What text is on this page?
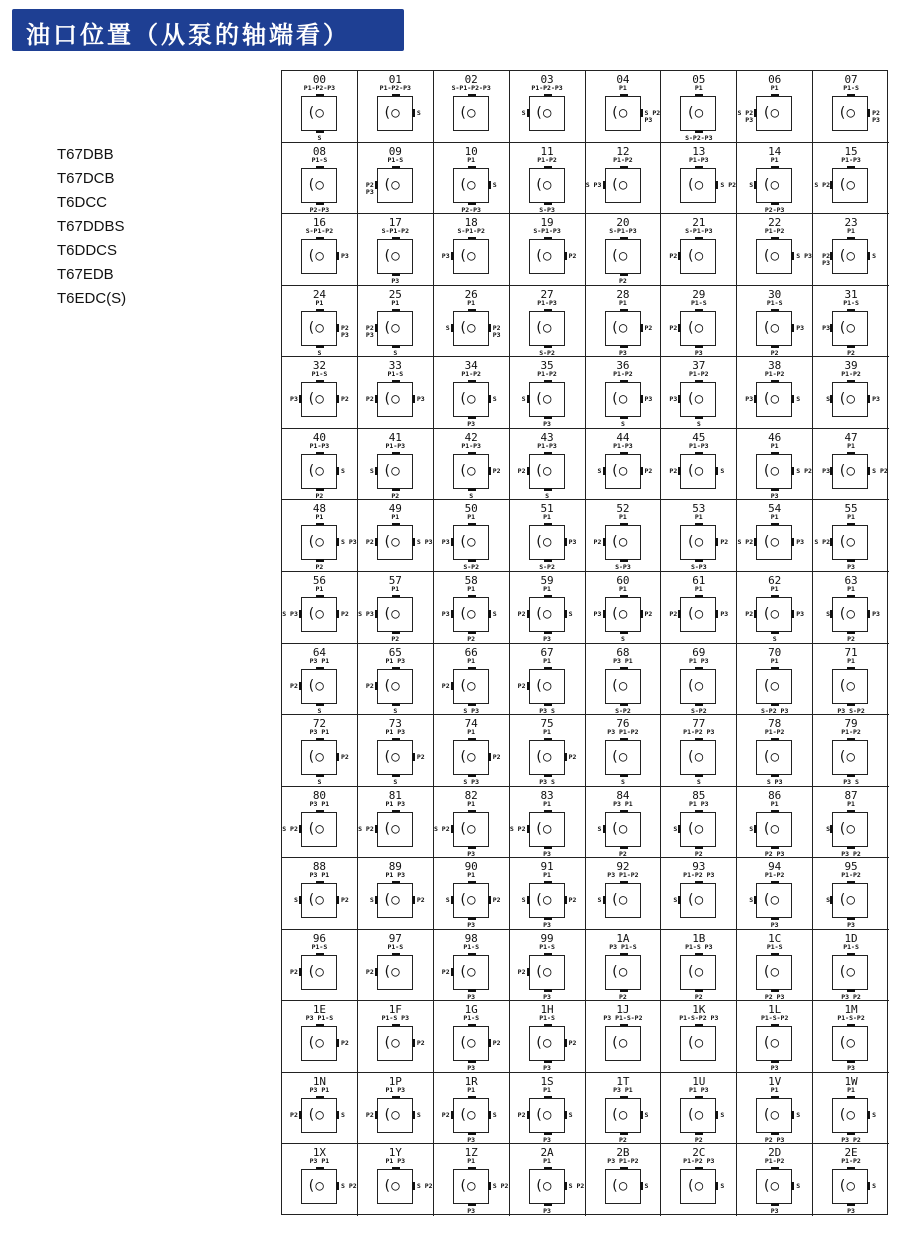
油口位置（从泵的轴端看）
T67DBB
T67DCB
T6DCC
T67DDBS
T6DDCS
T67EDB
T6EDC(S)
00
P1-P2-P3
(○
S
01
P1-P2-P3
(○	S
02
S-P1-P2-P3
(○
03
P1-P2-P3
(○
S
04
P1
(○	S P2 P3
05
P1
(○
S-P2-P3
06
P1
(○
S P2 P3
07
P1-S
(○	P2 P3
08
P1-S
(○
P2-P3
09
P1-S
(○
P2 P3
10
P1
(○	S
P2-P3
11
P1-P2
(○
S-P3
12
P1-P2
(○
S P3
13
P1-P3
(○	S P2
14
P1
(○
S
P2-P3
15
P1-P3
(○
S P2
16
S-P1-P2
(○	P3
17
S-P1-P2
(○
P3
18
S-P1-P2
(○
P3
19
S-P1-P3
(○	P2
20
S-P1-P3
(○
P2
21
S-P1-P3
(○
P2
22
P1-P2
(○	S P3
23
P1
(○
P2 P3
S
24
P1
(○	P2 P3
S
25
P1
(○
P2 P3
S
26
P1
(○
S	P2 P3
27
P1-P3
(○
S-P2
28
P1
(○	P2
P3
29
P1-S
(○
P2
P3
30
P1-S
(○	P3
P2
31
P1-S
(○
P3
P2
32
P1-S
(○
P3	P2
33
P1-S
(○
P2	P3
34
P1-P2
(○	S
P3
35
P1-P2
(○
S
P3
36
P1-P2
(○	P3
S
37
P1-P2
(○
P3
S
38
P1-P2
(○
P3	S
39
P1-P2
(○
S	P3
40
P1-P3
(○	S
P2
41
P1-P3
(○
S
P2
42
P1-P3
(○	P2
S
43
P1-P3
(○
P2
S
44
P1-P3
(○
S	P2
45
P1-P3
(○
P2	S
46
P1
(○	S P2
P3
47
P1
(○
P3	S P2
48
P1
(○	S P3
P2
49
P1
(○
P2	S P3
50
P1
(○
P3
S-P2
51
P1
(○	P3
S-P2
52
P1
(○
P2
S-P3
53
P1
(○	P2
S-P3
54
P1
(○
S P2	P3
55
P1
(○
S P2
P3
56
P1
(○
S P3	P2
57
P1
(○
S P3
P2
58
P1
(○
P3	S
P2
59
P1
(○
P2	S
P3
60
P1
(○
P3	P2
S
61
P1
(○
P2	P3
62
P1
(○
P2	P3
S
63
P1
(○
S	P3
P2
64
P3 P1
(○
P2
S
65
P1 P3
(○
P2
S
66
P1
(○
P2
S P3
67
P1
(○
P2
P3 S
68
P3 P1
(○
S-P2
69
P1 P3
(○
S-P2
70
P1
(○
S-P2 P3
71
P1
(○
P3 S-P2
72
P3 P1
(○	P2
S
73
P1 P3
(○	P2
S
74
P1
(○	P2
S P3
75
P1
(○	P2
P3 S
76
P3 P1-P2
(○
S
77
P1-P2 P3
(○
S
78
P1-P2
(○
S P3
79
P1-P2
(○
P3 S
80
P3 P1
(○
S P2
81
P1 P3
(○
S P2
82
P1
(○
S P2
P3
83
P1
(○
S P2
P3
84
P3 P1
(○
S
P2
85
P1 P3
(○
S
P2
86
P1
(○
S
P2 P3
87
P1
(○
S
P3 P2
88
P3 P1
(○
S	P2
89
P1 P3
(○
S	P2
90
P1
(○
S	P2
P3
91
P1
(○
S	P2
P3
92
P3 P1-P2
(○
S
93
P1-P2 P3
(○
S
94
P1-P2
(○
S
P3
95
P1-P2
(○
S
P3
96
P1-S
(○
P2
97
P1-S
(○
P2
98
P1-S
(○
P2
P3
99
P1-S
(○
P2
P3
1A
P3 P1-S
(○
P2
1B
P1-S P3
(○
P2
1C
P1-S
(○
P2 P3
1D
P1-S
(○
P3 P2
1E
P3 P1-S
(○	P2
1F
P1-S P3
(○	P2
1G
P1-S
(○	P2
P3
1H
P1-S
(○	P2
P3
1J
P3 P1-S-P2
(○
1K
P1-S-P2 P3
(○
1L
P1-S-P2
(○
P3
1M
P1-S-P2
(○
P3
1N
P3 P1
(○
P2	S
1P
P1 P3
(○
P2	S
1R
P1
(○
P2	S
P3
1S
P1
(○
P2	S
P3
1T
P3 P1
(○	S
P2
1U
P1 P3
(○	S
P2
1V
P1
(○	S
P2 P3
1W
P1
(○	S
P3 P2
1X
P3 P1
(○	S P2
1Y
P1 P3
(○	S P2
1Z
P1
(○	S P2
P3
2A
P1
(○	S P2
P3
2B
P3 P1-P2
(○	S
2C
P1-P2 P3
(○	S
2D
P1-P2
(○	S
P3
2E
P1-P2
(○	S
P3
